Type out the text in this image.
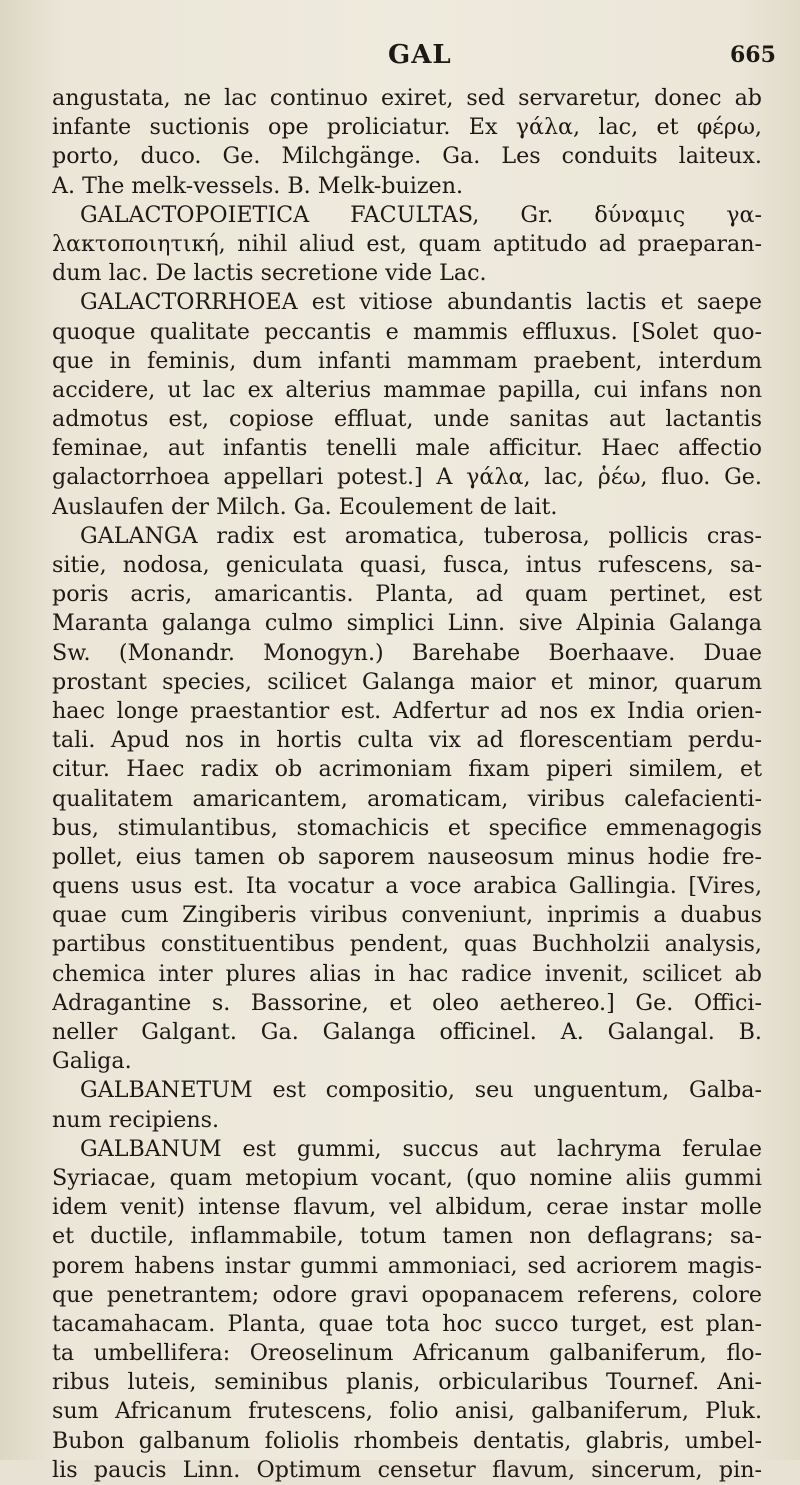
GAL	665
angustata, ne lac continuo exiret, sed servaretur, donec ab
infante suctionis ope proliciatur. Ex γάλα, lac, et φέρω,
porto, duco. Ge. Milchgänge. Ga. Les conduits laiteux.
A. The melk-vessels. B. Melk-buizen.
GALACTOPOIETICA FACULTAS, Gr. δύναμις γα-
λακτοποιητική, nihil aliud est, quam aptitudo ad praeparan-
dum lac. De lactis secretione vide Lac.
GALACTORRHOEA est vitiose abundantis lactis et saepe
quoque qualitate peccantis e mammis effluxus. [Solet quo-
que in feminis, dum infanti mammam praebent, interdum
accidere, ut lac ex alterius mammae papilla, cui infans non
admotus est, copiose effluat, unde sanitas aut lactantis
feminae, aut infantis tenelli male afficitur. Haec affectio
galactorrhoea appellari potest.] A γάλα, lac, ῥέω, fluo. Ge.
Auslaufen der Milch. Ga. Ecoulement de lait.
GALANGA radix est aromatica, tuberosa, pollicis cras-
sitie, nodosa, geniculata quasi, fusca, intus rufescens, sa-
poris acris, amaricantis. Planta, ad quam pertinet, est
Maranta galanga culmo simplici Linn. sive Alpinia Galanga
Sw. (Monandr. Monogyn.) Barehabe Boerhaave. Duae
prostant species, scilicet Galanga maior et minor, quarum
haec longe praestantior est. Adfertur ad nos ex India orien-
tali. Apud nos in hortis culta vix ad florescentiam perdu-
citur. Haec radix ob acrimoniam fixam piperi similem, et
qualitatem amaricantem, aromaticam, viribus calefacienti-
bus, stimulantibus, stomachicis et specifice emmenagogis
pollet, eius tamen ob saporem nauseosum minus hodie fre-
quens usus est. Ita vocatur a voce arabica Gallingia. [Vires,
quae cum Zingiberis viribus conveniunt, inprimis a duabus
partibus constituentibus pendent, quas Buchholzii analysis,
chemica inter plures alias in hac radice invenit, scilicet ab
Adragantine s. Bassorine, et oleo aethereo.] Ge. Offici-
neller Galgant. Ga. Galanga officinel. A. Galangal. B.
Galiga.
GALBANETUM est compositio, seu unguentum, Galba-
num recipiens.
GALBANUM est gummi, succus aut lachryma ferulae
Syriacae, quam metopium vocant, (quo nomine aliis gummi
idem venit) intense flavum, vel albidum, cerae instar molle
et ductile, inflammabile, totum tamen non deflagrans; sa-
porem habens instar gummi ammoniaci, sed acriorem magis-
que penetrantem; odore gravi opopanacem referens, colore
tacamahacam. Planta, quae tota hoc succo turget, est plan-
ta umbellifera: Oreoselinum Africanum galbaniferum, flo-
ribus luteis, seminibus planis, orbicularibus Tournef. Ani-
sum Africanum frutescens, folio anisi, galbaniferum, Pluk.
Bubon galbanum foliolis rhombeis dentatis, glabris, umbel-
lis paucis Linn. Optimum censetur flavum, sincerum, pin-
